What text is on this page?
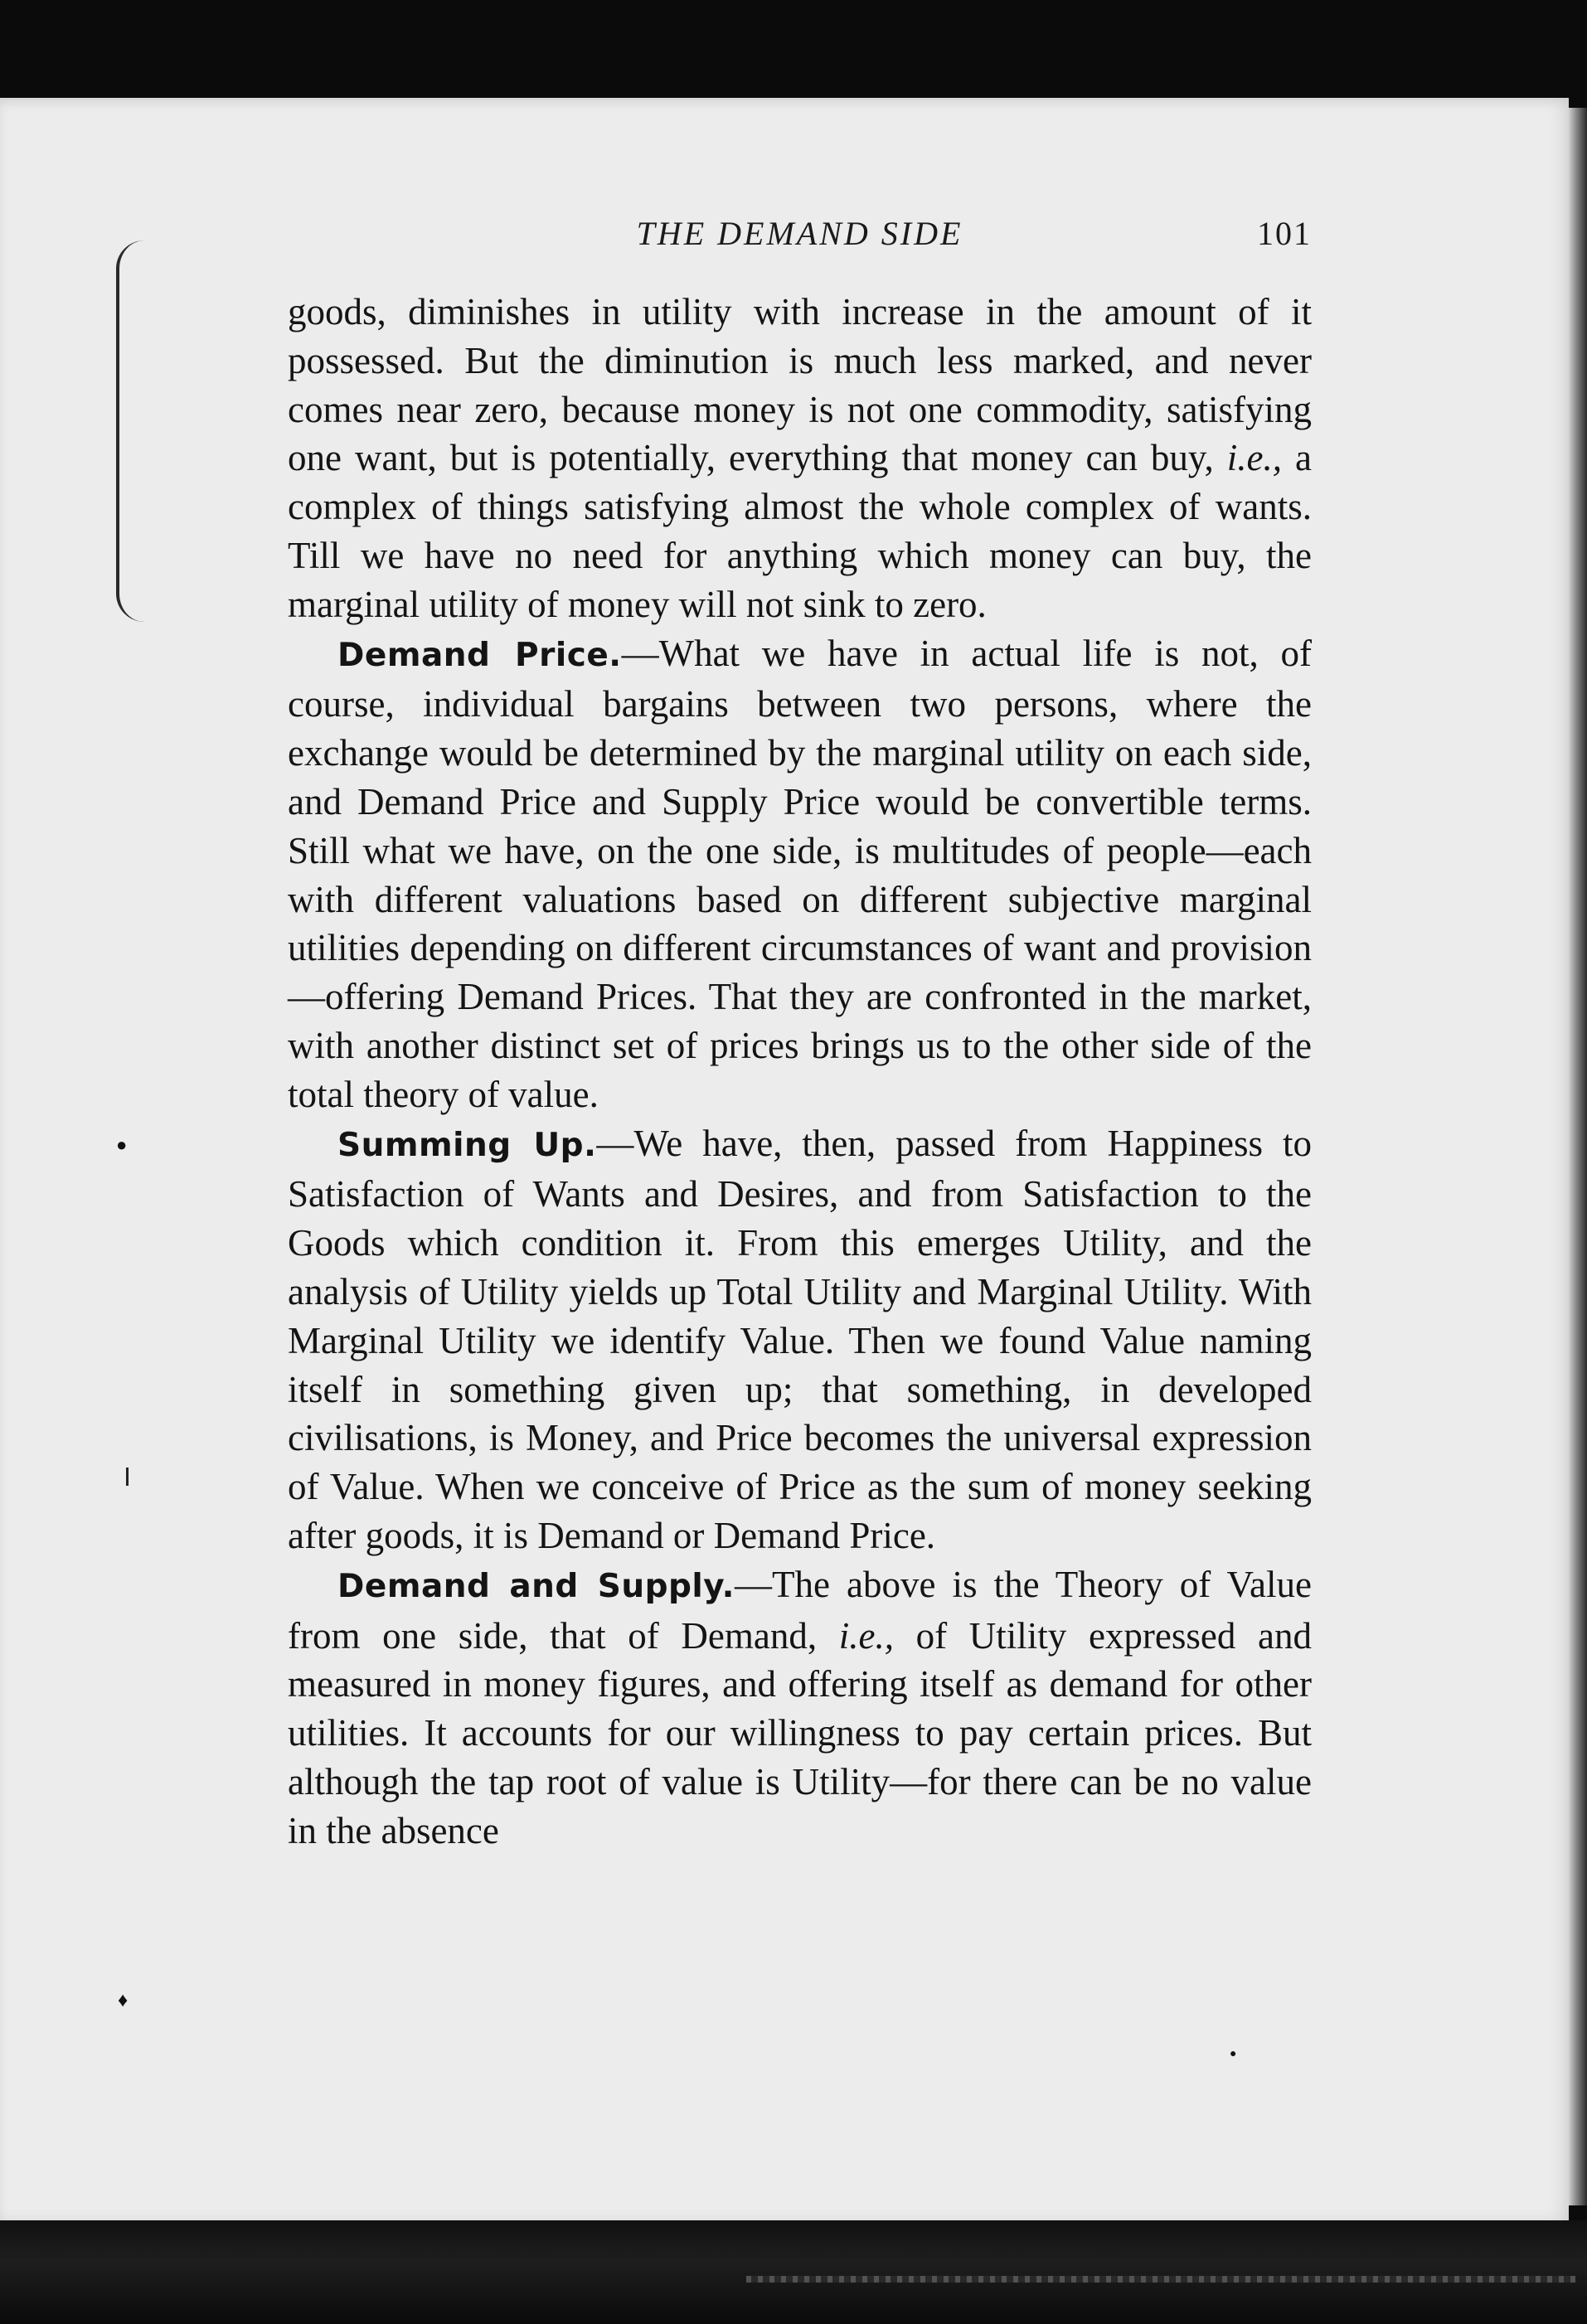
●
♦
●
THE DEMAND SIDE	101

goods, diminishes in utility with increase in the amount of it possessed. But the diminution is much less marked, and never comes near zero, because money is not one commodity, satisfying one want, but is potentially, everything that money can buy, i.e., a complex of things satisfying almost the whole complex of wants. Till we have no need for anything which money can buy, the marginal utility of money will not sink to zero.

Demand Price.—What we have in actual life is not, of course, individual bargains between two persons, where the exchange would be determined by the marginal utility on each side, and Demand Price and Supply Price would be convertible terms. Still what we have, on the one side, is multitudes of people—each with different valuations based on different subjective marginal utilities depending on different circumstances of want and provision—offering Demand Prices. That they are confronted in the market, with another distinct set of prices brings us to the other side of the total theory of value.

Summing Up.—We have, then, passed from Happiness to Satisfaction of Wants and Desires, and from Satisfaction to the Goods which condition it. From this emerges Utility, and the analysis of Utility yields up Total Utility and Marginal Utility. With Marginal Utility we identify Value. Then we found Value naming itself in something given up; that something, in developed civilisations, is Money, and Price becomes the universal expression of Value. When we conceive of Price as the sum of money seeking after goods, it is Demand or Demand Price.

Demand and Supply.—The above is the Theory of Value from one side, that of Demand, i.e., of Utility expressed and measured in money figures, and offering itself as demand for other utilities. It accounts for our willingness to pay certain prices. But although the tap root of value is Utility—for there can be no value in the absence
